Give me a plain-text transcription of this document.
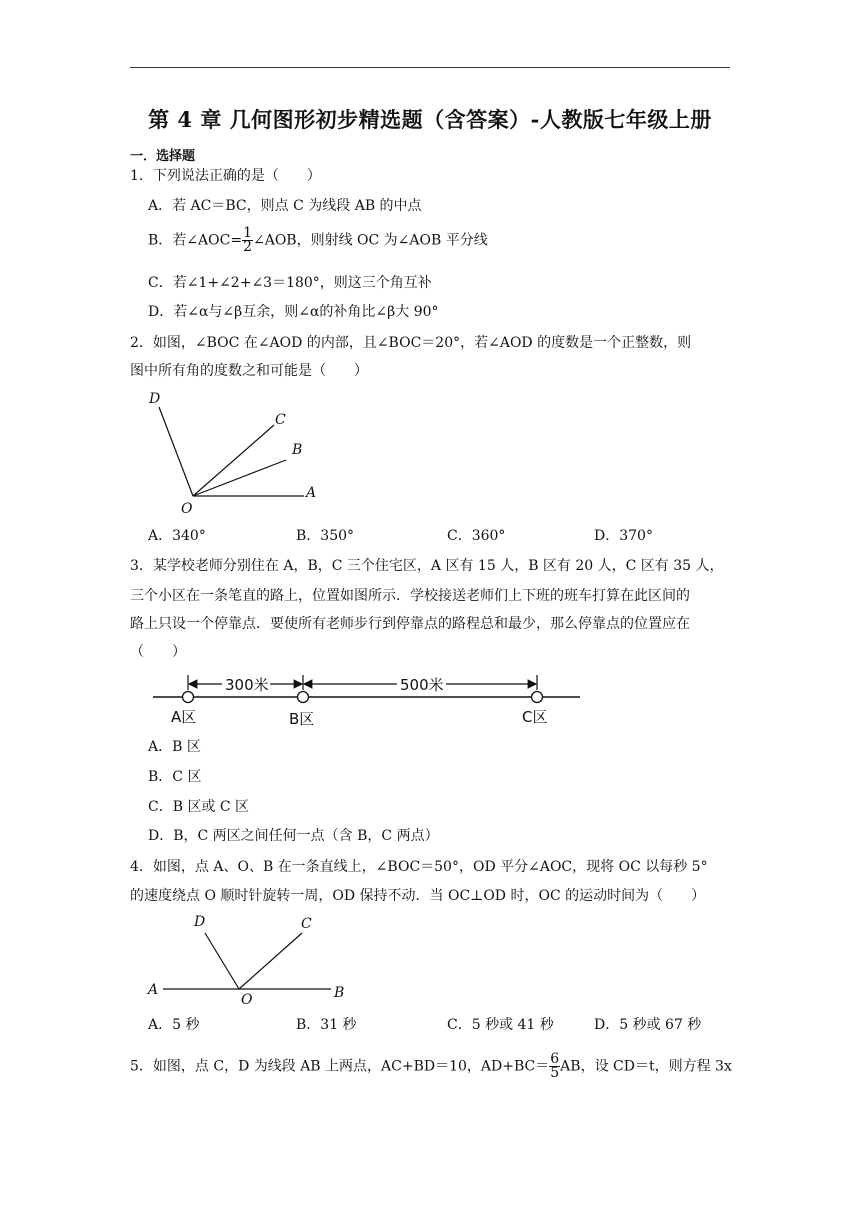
第 4 章 几何图形初步精选题（含答案）-人教版七年级上册
一．选择题
1．下列说法正确的是（　　）
A．若 AC＝BC，则点 C 为线段 AB 的中点
B．若∠AOC= $\frac{1}{2}$ ∠AOB，则射线 OC 为∠AOB 平分线
C．若∠1+∠2+∠3＝180°，则这三个角互补
D．若∠α与∠β互余，则∠α的补角比∠β大 90°
2．如图，∠BOC 在∠AOD 的内部，且∠BOC＝20°，若∠AOD 的度数是一个正整数，则
图中所有角的度数之和可能是（　　）
D
C
B
A
O
A．340°	B．350°	C．360°	D．370°
3．某学校老师分别住在 A，B，C 三个住宅区，A 区有 15 人，B 区有 20 人，C 区有 35 人，
三个小区在一条笔直的路上，位置如图所示．学校接送老师们上下班的班车打算在此区间的
路上只设一个停靠点．要使所有老师步行到停靠点的路程总和最少，那么停靠点的位置应在
（　　）
300米	500米
A区	B区	C区
A．B 区
B．C 区
C．B 区或 C 区
D．B，C 两区之间任何一点（含 B，C 两点）
4．如图，点 A、O、B 在一条直线上，∠BOC＝50°，OD 平分∠AOC，现将 OC 以每秒 5°
的速度绕点 O 顺时针旋转一周，OD 保持不动．当 OC⊥OD 时，OC 的运动时间为（　　）
D	C
A
O	B
A．5 秒	B．31 秒	C．5 秒或 41 秒	D．5 秒或 67 秒
5．如图，点 C，D 为线段 AB 上两点，AC+BD＝10，$AD+BC= \frac{6}{5}$ AB，设 CD＝t，则方程 3x
